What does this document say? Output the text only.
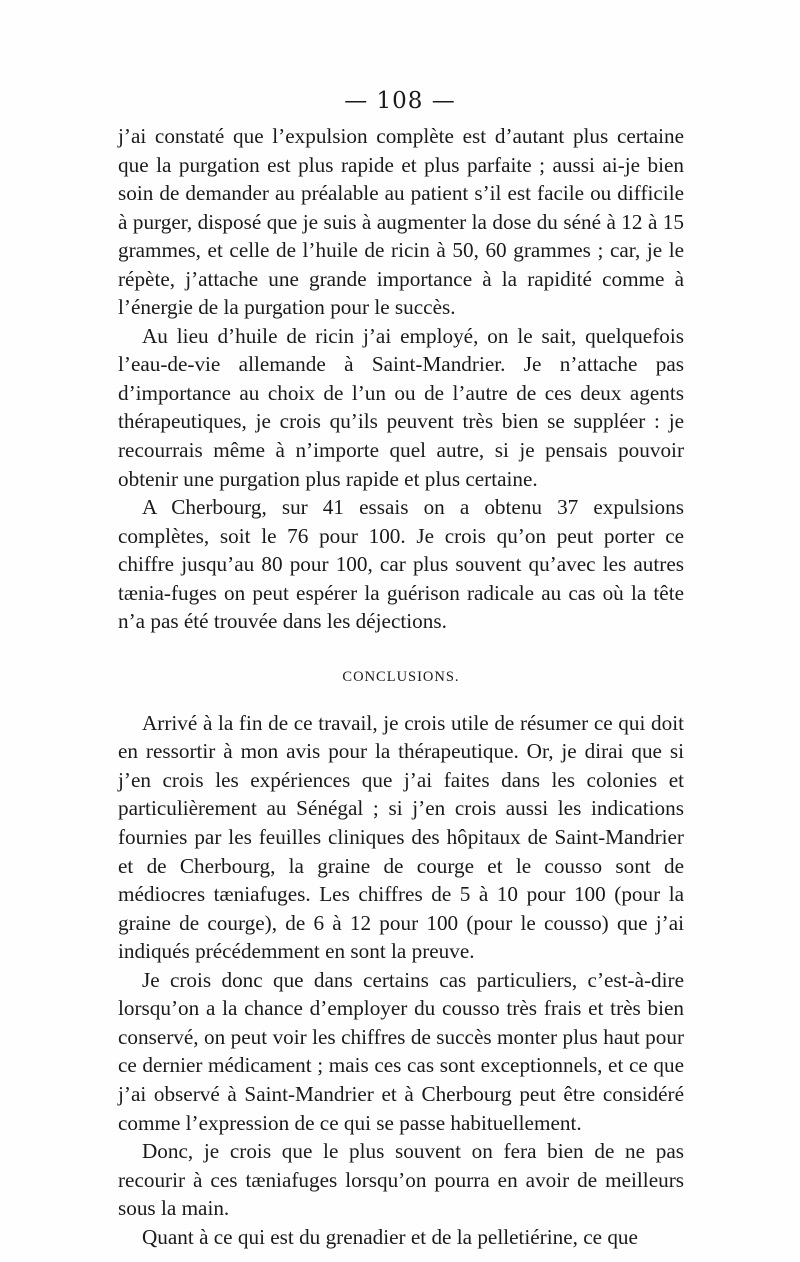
— 108 —

j’ai constaté que l’expulsion complète est d’autant plus certaine que la purgation est plus rapide et plus parfaite ; aussi ai-je bien soin de demander au préalable au patient s’il est facile ou difficile à purger, disposé que je suis à augmenter la dose du séné à 12 à 15 grammes, et celle de l’huile de ricin à 50, 60 grammes ; car, je le répète, j’attache une grande importance à la rapidité comme à l’énergie de la purgation pour le succès.

Au lieu d’huile de ricin j’ai employé, on le sait, quelquefois l’eau-de-vie allemande à Saint-Mandrier. Je n’attache pas d’importance au choix de l’un ou de l’autre de ces deux agents thérapeutiques, je crois qu’ils peuvent très bien se suppléer : je recourrais même à n’importe quel autre, si je pensais pouvoir obtenir une purgation plus rapide et plus certaine.

A Cherbourg, sur 41 essais on a obtenu 37 expulsions complètes, soit le 76 pour 100. Je crois qu’on peut porter ce chiffre jusqu’au 80 pour 100, car plus souvent qu’avec les autres tænia-fuges on peut espérer la guérison radicale au cas où la tête n’a pas été trouvée dans les déjections.

CONCLUSIONS.

Arrivé à la fin de ce travail, je crois utile de résumer ce qui doit en ressortir à mon avis pour la thérapeutique. Or, je dirai que si j’en crois les expériences que j’ai faites dans les colonies et particulièrement au Sénégal ; si j’en crois aussi les indications fournies par les feuilles cliniques des hôpitaux de Saint-Mandrier et de Cherbourg, la graine de courge et le cousso sont de médiocres tæniafuges. Les chiffres de 5 à 10 pour 100 (pour la graine de courge), de 6 à 12 pour 100 (pour le cousso) que j’ai indiqués précédemment en sont la preuve.

Je crois donc que dans certains cas particuliers, c’est-à-dire lorsqu’on a la chance d’employer du cousso très frais et très bien conservé, on peut voir les chiffres de succès monter plus haut pour ce dernier médicament ; mais ces cas sont exceptionnels, et ce que j’ai observé à Saint-Mandrier et à Cherbourg peut être considéré comme l’expression de ce qui se passe habituellement.

Donc, je crois que le plus souvent on fera bien de ne pas recourir à ces tæniafuges lorsqu’on pourra en avoir de meilleurs sous la main.

Quant à ce qui est du grenadier et de la pelletiérine, ce que
